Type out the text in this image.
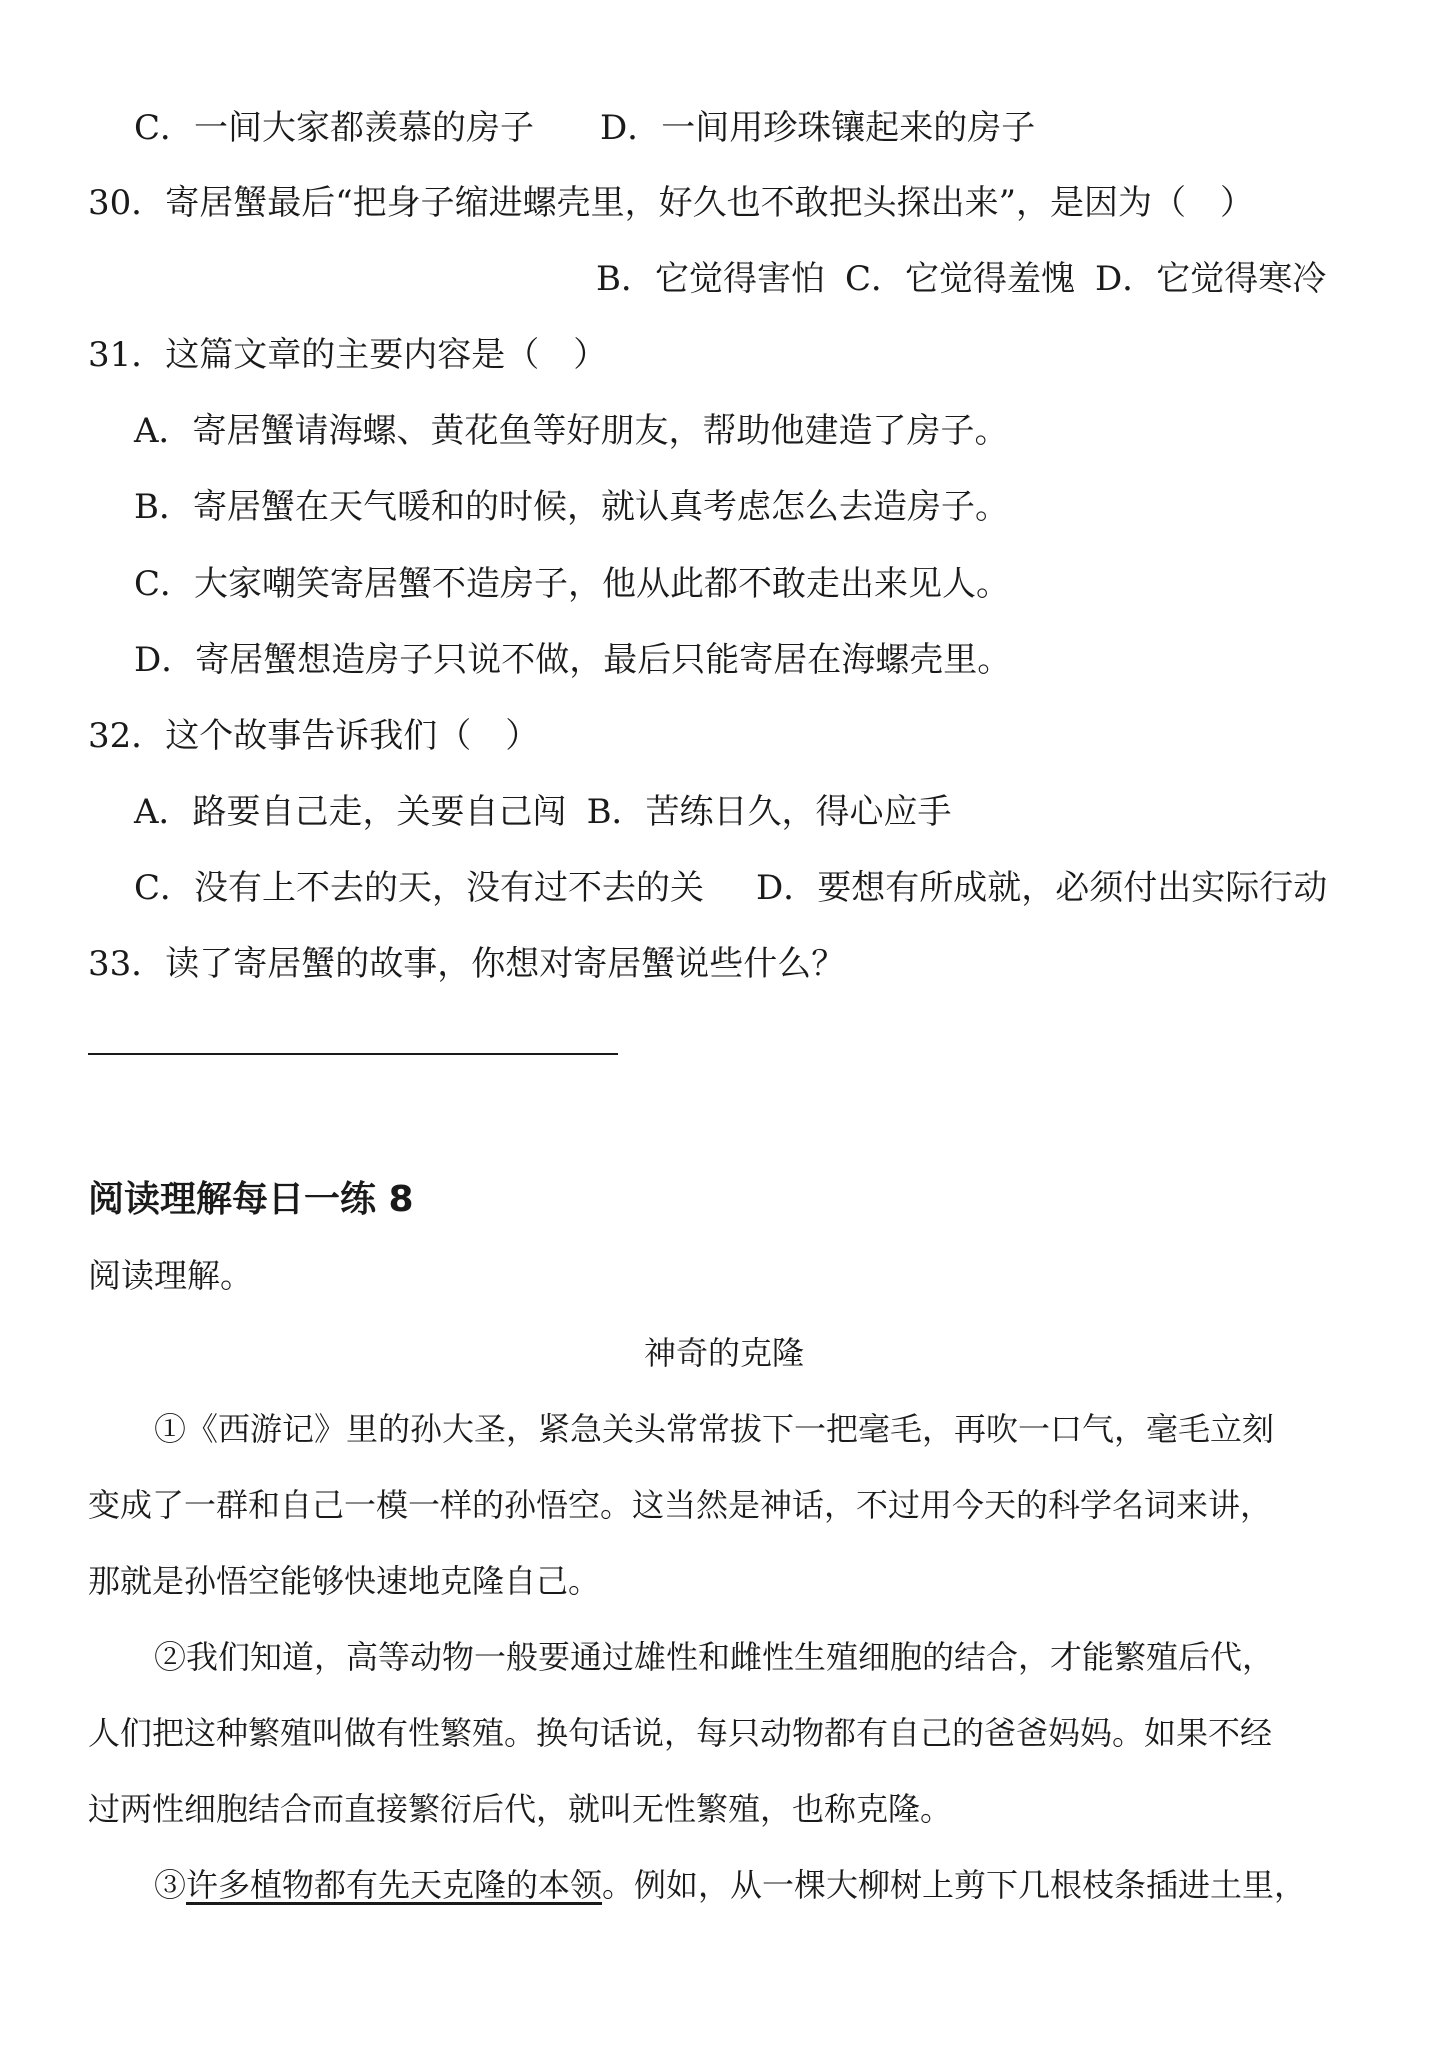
C．一间大家都羡慕的房子 D．一间用珍珠镶起来的房子
30．寄居蟹最后“把身子缩进螺壳里，好久也不敢把头探出来”，是因为（　）
B．它觉得害怕 C．它觉得羞愧 D．它觉得寒冷
31．这篇文章的主要内容是（　）
A．寄居蟹请海螺、黄花鱼等好朋友，帮助他建造了房子。
B．寄居蟹在天气暖和的时候，就认真考虑怎么去造房子。
C．大家嘲笑寄居蟹不造房子，他从此都不敢走出来见人。
D．寄居蟹想造房子只说不做，最后只能寄居在海螺壳里。
32．这个故事告诉我们（　）
A．路要自己走，关要自己闯 B．苦练日久，得心应手
C．没有上不去的天，没有过不去的关 D．要想有所成就，必须付出实际行动
33．读了寄居蟹的故事，你想对寄居蟹说些什么？
阅读理解每日一练 8
阅读理解。
神奇的克隆
①《西游记》里的孙大圣，紧急关头常常拔下一把毫毛，再吹一口气，毫毛立刻
变成了一群和自己一模一样的孙悟空。这当然是神话，不过用今天的科学名词来讲，
那就是孙悟空能够快速地克隆自己。
②我们知道，高等动物一般要通过雄性和雌性生殖细胞的结合，才能繁殖后代，
人们把这种繁殖叫做有性繁殖。换句话说，每只动物都有自己的爸爸妈妈。如果不经
过两性细胞结合而直接繁衍后代，就叫无性繁殖，也称克隆。
③许多植物都有先天克隆的本领。例如，从一棵大柳树上剪下几根枝条插进土里，
